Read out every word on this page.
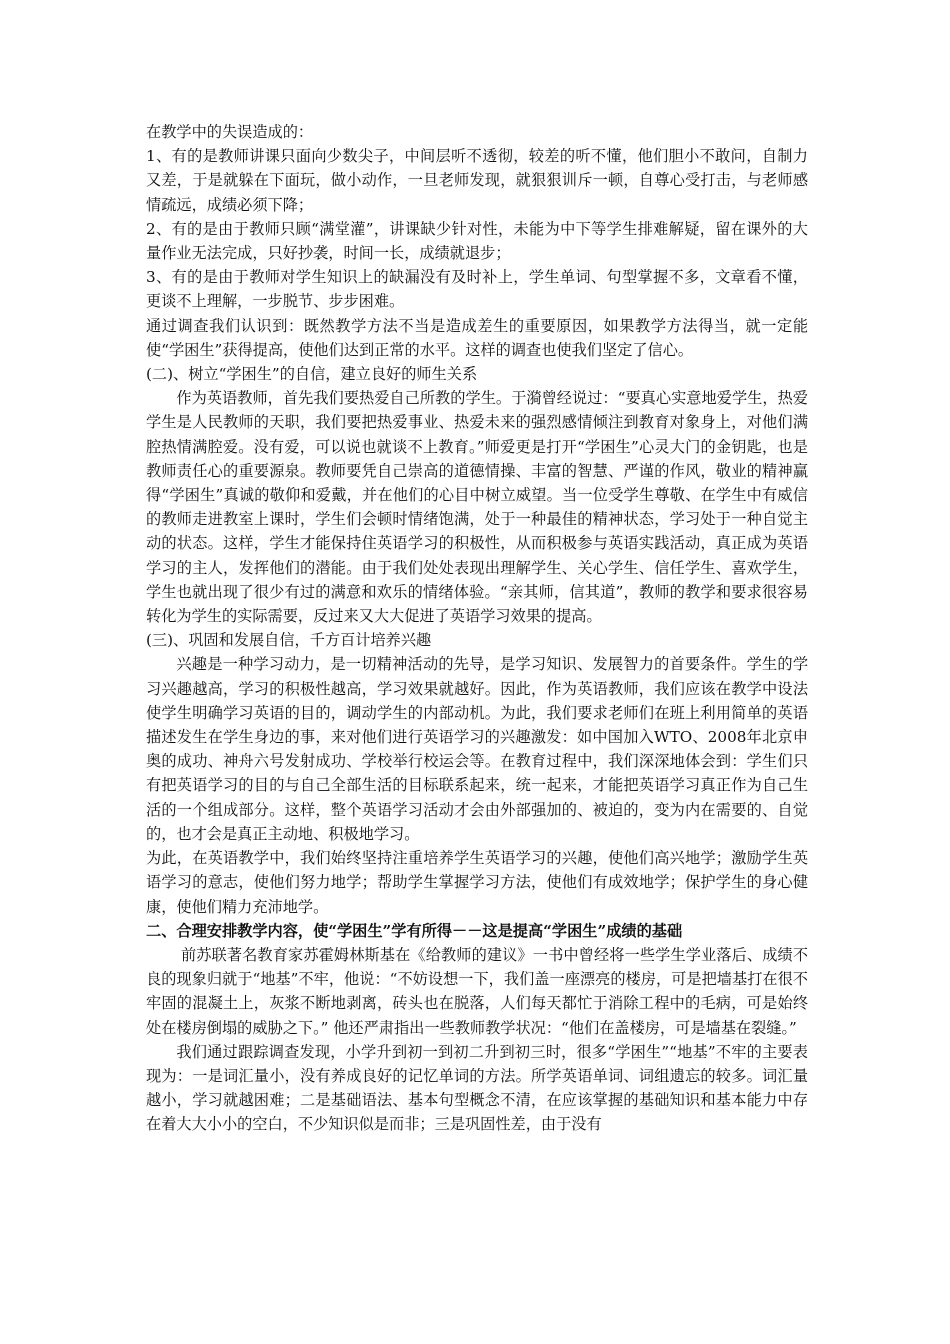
在教学中的失误造成的：

1、有的是教师讲课只面向少数尖子，中间层听不透彻，较差的听不懂，他们胆小不敢问，自制力又差，于是就躲在下面玩，做小动作，一旦老师发现，就狠狠训斥一顿，自尊心受打击，与老师感情疏远，成绩必须下降；

2、有的是由于教师只顾“满堂灌”，讲课缺少针对性，未能为中下等学生排难解疑，留在课外的大量作业无法完成，只好抄袭，时间一长，成绩就退步；

3、有的是由于教师对学生知识上的缺漏没有及时补上，学生单词、句型掌握不多，文章看不懂，更谈不上理解，一步脱节、步步困难。

通过调查我们认识到：既然教学方法不当是造成差生的重要原因，如果教学方法得当，就一定能使“学困生”获得提高，使他们达到正常的水平。这样的调查也使我们坚定了信心。

(二)、树立“学困生”的自信，建立良好的师生关系

作为英语教师，首先我们要热爱自己所教的学生。于漪曾经说过：“要真心实意地爱学生，热爱学生是人民教师的天职，我们要把热爱事业、热爱未来的强烈感情倾注到教育对象身上，对他们满腔热情满腔爱。没有爱，可以说也就谈不上教育。”师爱更是打开“学困生”心灵大门的金钥匙，也是教师责任心的重要源泉。教师要凭自己崇高的道德情操、丰富的智慧、严谨的作风，敬业的精神赢得“学困生”真诚的敬仰和爱戴，并在他们的心目中树立威望。当一位受学生尊敬、在学生中有威信的教师走进教室上课时，学生们会顿时情绪饱满，处于一种最佳的精神状态，学习处于一种自觉主动的状态。这样，学生才能保持住英语学习的积极性，从而积极参与英语实践活动，真正成为英语学习的主人，发挥他们的潜能。由于我们处处表现出理解学生、关心学生、信任学生、喜欢学生，学生也就出现了很少有过的满意和欢乐的情绪体验。“亲其师，信其道”，教师的教学和要求很容易转化为学生的实际需要，反过来又大大促进了英语学习效果的提高。

(三)、巩固和发展自信，千方百计培养兴趣

兴趣是一种学习动力，是一切精神活动的先导，是学习知识、发展智力的首要条件。学生的学习兴趣越高，学习的积极性越高，学习效果就越好。因此，作为英语教师，我们应该在教学中设法使学生明确学习英语的目的，调动学生的内部动机。为此，我们要求老师们在班上利用简单的英语描述发生在学生身边的事，来对他们进行英语学习的兴趣激发：如中国加入WTO、2008年北京申奥的成功、神舟六号发射成功、学校举行校运会等。在教育过程中，我们深深地体会到：学生们只有把英语学习的目的与自己全部生活的目标联系起来，统一起来，才能把英语学习真正作为自己生活的一个组成部分。这样，整个英语学习活动才会由外部强加的、被迫的，变为内在需要的、自觉的，也才会是真正主动地、积极地学习。

为此，在英语教学中，我们始终坚持注重培养学生英语学习的兴趣，使他们高兴地学；激励学生英语学习的意志，使他们努力地学；帮助学生掌握学习方法，使他们有成效地学；保护学生的身心健康，使他们精力充沛地学。

二、合理安排教学内容，使“学困生”学有所得－－这是提高“学困生”成绩的基础

前苏联著名教育家苏霍姆林斯基在《给教师的建议》一书中曾经将一些学生学业落后、成绩不良的现象归就于“地基”不牢，他说：“不妨设想一下，我们盖一座漂亮的楼房，可是把墙基打在很不牢固的混凝土上，灰浆不断地剥离，砖头也在脱落，人们每天都忙于消除工程中的毛病，可是始终处在楼房倒塌的威胁之下。” 他还严肃指出一些教师教学状况：“他们在盖楼房，可是墙基在裂缝。”

我们通过跟踪调查发现，小学升到初一到初二升到初三时，很多“学困生”“地基”不牢的主要表现为：一是词汇量小，没有养成良好的记忆单词的方法。所学英语单词、词组遗忘的较多。词汇量越小，学习就越困难；二是基础语法、基本句型概念不清，在应该掌握的基础知识和基本能力中存在着大大小小的空白，不少知识似是而非；三是巩固性差，由于没有
